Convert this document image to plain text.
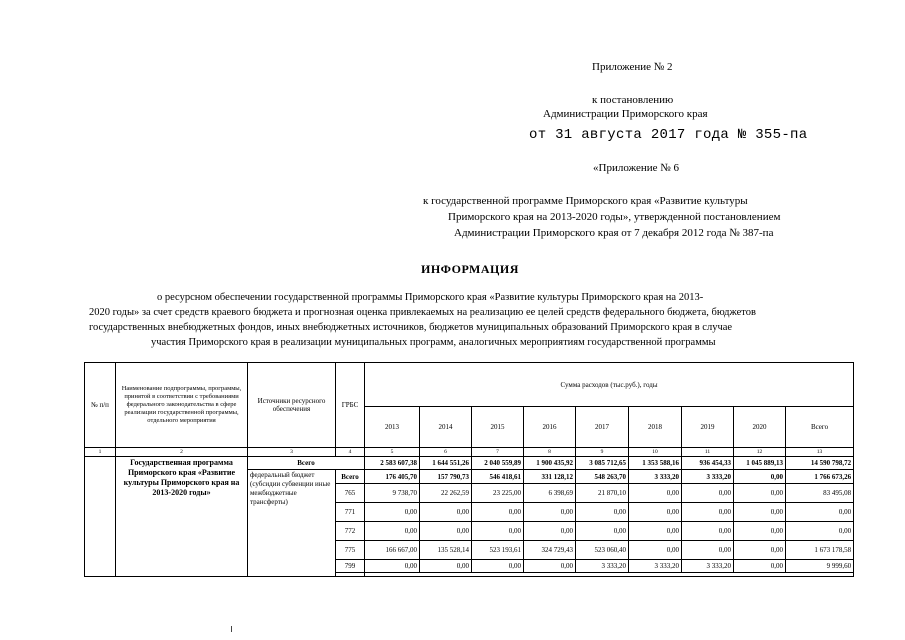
Приложение № 2
к постановлению
Администрации Приморского края
от 31 августа 2017 года № 355-па
«Приложение № 6
к государственной программе Приморского края «Развитие культуры
Приморского края на 2013-2020 годы», утвержденной постановлением
Администрации Приморского края от 7 декабря 2012 года № 387-па
ИНФОРМАЦИЯ
о ресурсном обеспечении государственной программы Приморского края «Развитие культуры Приморского края на 2013-
2020 годы» за счет средств краевого бюджета и прогнозная оценка привлекаемых на реализацию ее целей средств федерального бюджета, бюджетов
государственных внебюджетных фондов, иных внебюджетных источников, бюджетов муниципальных образований Приморского края в случае
участия Приморского края в реализации муниципальных программ, аналогичных мероприятиям государственной программы
№ п/п	Наименование подпрограммы, программы, принятой в соответствии с требованиями федерального законодательства в сфере реализации государственной программы, отдельного мероприятия	Источники ресурсного обеспечения	ГРБС	Сумма расходов (тыс.руб.), годы								
				2013	2014	2015	2016	2017	2018	2019	2020	Всего
1	2	3	4	5	6	7	8	9	10	11	12	13
	Государственная программа Приморского края «Развитие культуры Приморского края на 2013-2020 годы»	Всего		2 583 607,38	1 644 551,26	2 040 559,89	1 900 435,92	3 085 712,65	1 353 588,16	936 454,33	1 045 889,13	14 590 798,72
		федеральный бюджет (субсидии субвенции иные межбюджетные трансферты)	Всего	176 405,70	157 790,73	546 418,61	331 128,12	548 263,70	3 333,20	3 333,20	0,00	1 766 673,26
			765	9 738,70	22 262,59	23 225,00	6 398,69	21 870,10	0,00	0,00	0,00	83 495,08
			771	0,00	0,00	0,00	0,00	0,00	0,00	0,00	0,00	0,00
			772	0,00	0,00	0,00	0,00	0,00	0,00	0,00	0,00	0,00
			775	166 667,00	135 528,14	523 193,61	324 729,43	523 060,40	0,00	0,00	0,00	1 673 178,58
			799	0,00	0,00	0,00	0,00	3 333,20	3 333,20	3 333,20	0,00	9 999,60
